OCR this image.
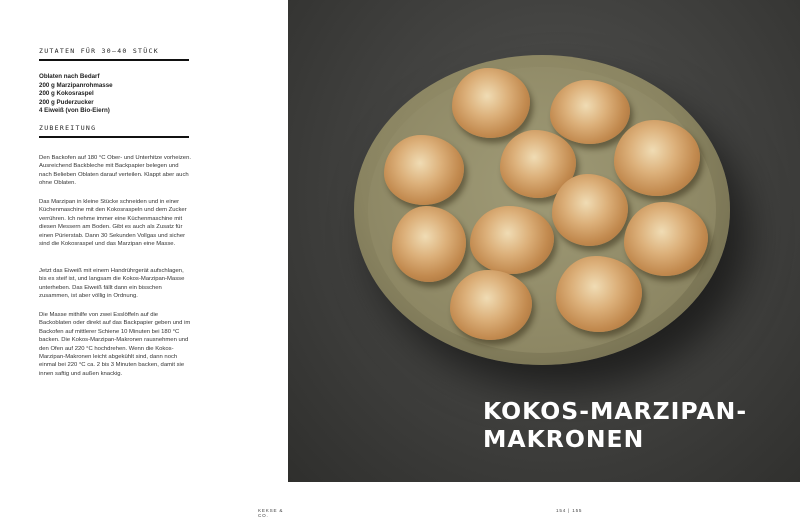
ZUTATEN FÜR 30–40 STÜCK
Oblaten nach Bedarf
200 g Marzipanrohmasse
200 g Kokosraspel
200 g Puderzucker
4 Eiweiß (von Bio-Eiern)
ZUBEREITUNG
Den Backofen auf 180 °C Ober- und Unterhitze vorheizen. Ausreichend Backbleche mit Backpapier belegen und nach Belieben Oblaten darauf verteilen. Klappt aber auch ohne Oblaten.
Das Marzipan in kleine Stücke schneiden und in einer Küchenmaschine mit den Kokosraspeln und dem Zucker verrühren. Ich nehme immer eine Küchenmaschine mit diesen Messern am Boden. Gibt es auch als Zusatz für einen Pürierstab. Dann 30 Sekunden Vollgas und sicher sind die Kokosraspel und das Marzipan eine Masse.
Jetzt das Eiweiß mit einem Handrührgerät aufschlagen, bis es steif ist, und langsam die Kokos-Marzipan-Masse unterheben. Das Eiweiß fällt dann ein bisschen zusammen, ist aber völlig in Ordnung.
Die Masse mithilfe von zwei Esslöffeln auf die Backoblaten oder direkt auf das Backpapier geben und im Backofen auf mittlerer Schiene 10 Minuten bei 180 °C backen. Die Kokos-Marzipan-Makronen rausnehmen und den Ofen auf 220 °C hochdrehen. Wenn die Kokos-Marzipan-Makronen leicht abgekühlt sind, dann noch einmal bei 220 °C ca. 2 bis 3 Minuten backen, damit sie innen saftig und außen knackig.
KEKSE & CO.
KOKOS-MARZIPAN-
MAKRONEN
154 | 155
